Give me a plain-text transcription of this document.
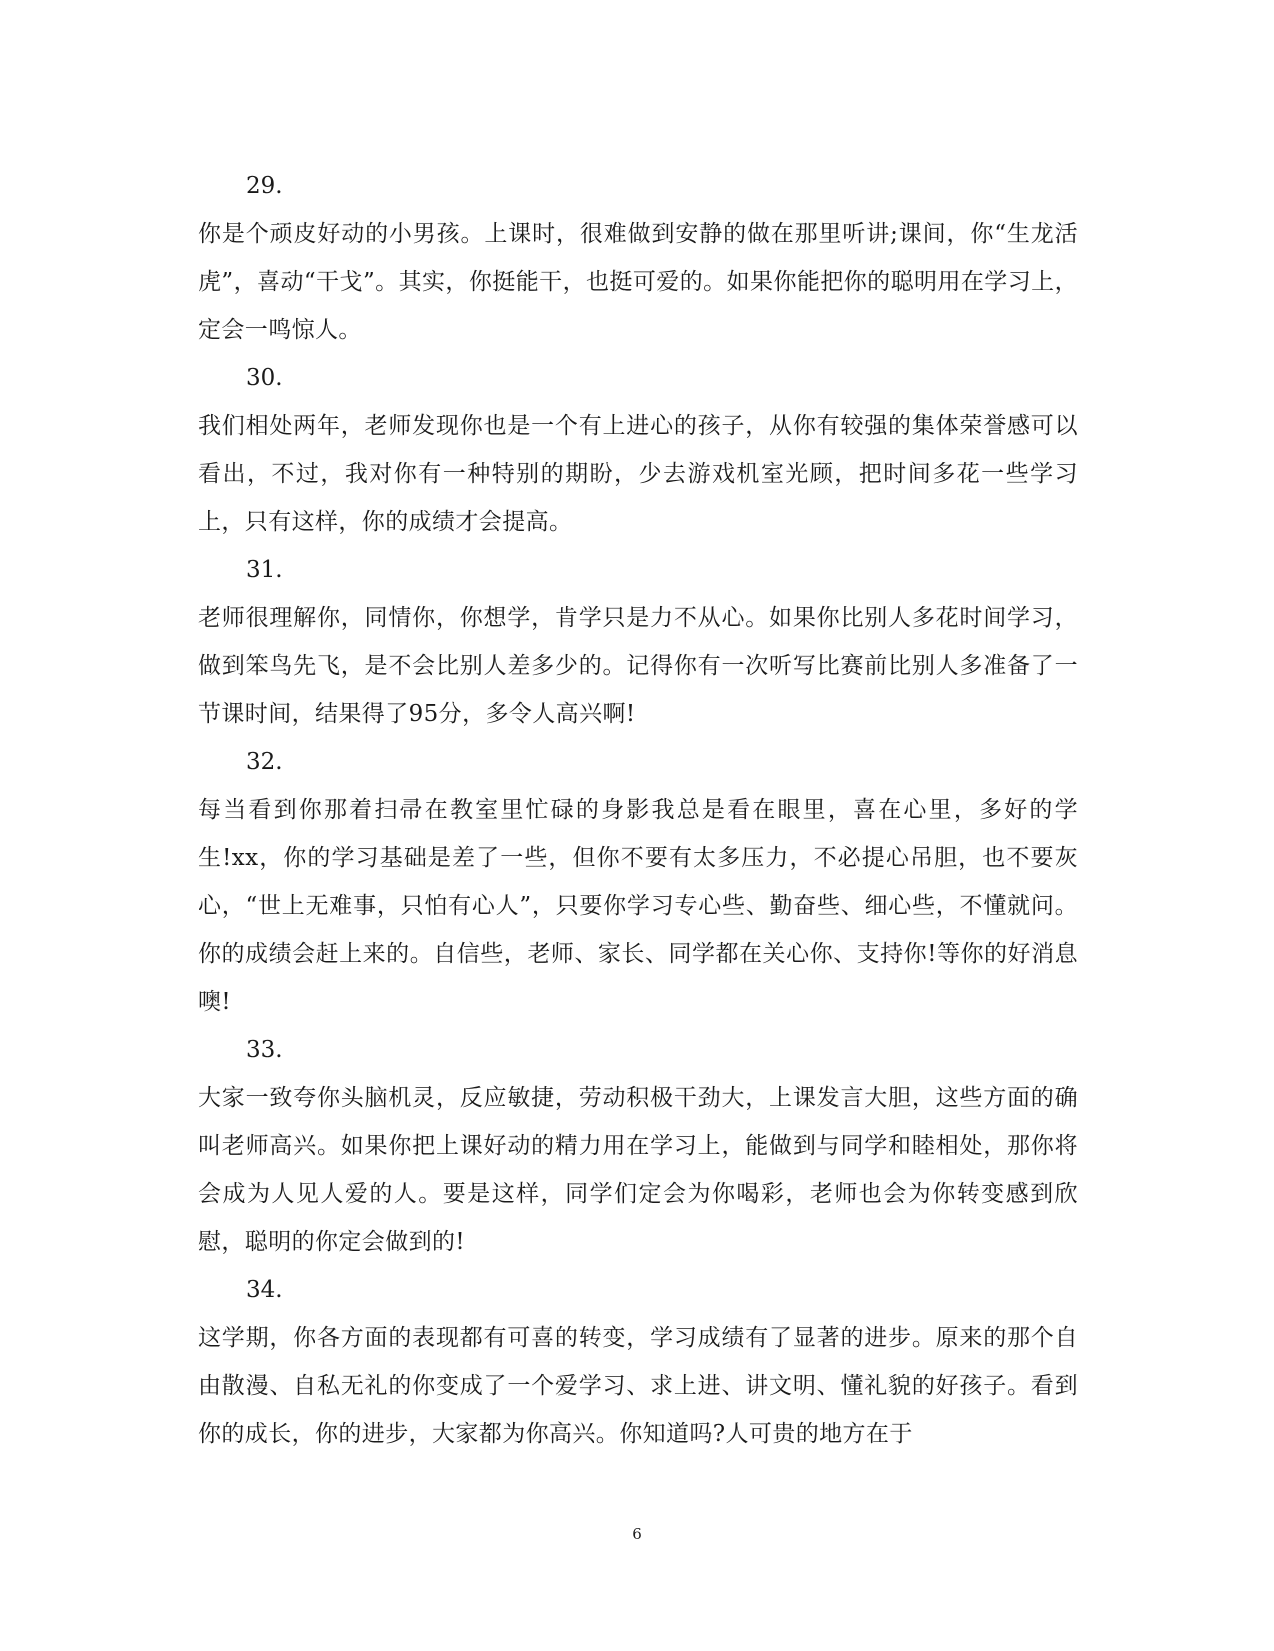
29.

你是个顽皮好动的小男孩。上课时，很难做到安静的做在那里听讲;课间，你“生龙活虎”，喜动“干戈”。其实，你挺能干，也挺可爱的。如果你能把你的聪明用在学习上，定会一鸣惊人。

30.

我们相处两年，老师发现你也是一个有上进心的孩子，从你有较强的集体荣誉感可以看出，不过，我对你有一种特别的期盼，少去游戏机室光顾，把时间多花一些学习上，只有这样，你的成绩才会提高。

31.

老师很理解你，同情你，你想学，肯学只是力不从心。如果你比别人多花时间学习，做到笨鸟先飞，是不会比别人差多少的。记得你有一次听写比赛前比别人多准备了一节课时间，结果得了95分，多令人高兴啊!

32.

每当看到你那着扫帚在教室里忙碌的身影我总是看在眼里，喜在心里，多好的学生!xx，你的学习基础是差了一些，但你不要有太多压力，不必提心吊胆，也不要灰心，“世上无难事，只怕有心人”，只要你学习专心些、勤奋些、细心些，不懂就问。你的成绩会赶上来的。自信些，老师、家长、同学都在关心你、支持你!等你的好消息噢!

33.

大家一致夸你头脑机灵，反应敏捷，劳动积极干劲大，上课发言大胆，这些方面的确叫老师高兴。如果你把上课好动的精力用在学习上，能做到与同学和睦相处，那你将会成为人见人爱的人。要是这样，同学们定会为你喝彩，老师也会为你转变感到欣慰，聪明的你定会做到的!

34.

这学期，你各方面的表现都有可喜的转变，学习成绩有了显著的进步。原来的那个自由散漫、自私无礼的你变成了一个爱学习、求上进、讲文明、懂礼貌的好孩子。看到你的成长，你的进步，大家都为你高兴。你知道吗?人可贵的地方在于

6
